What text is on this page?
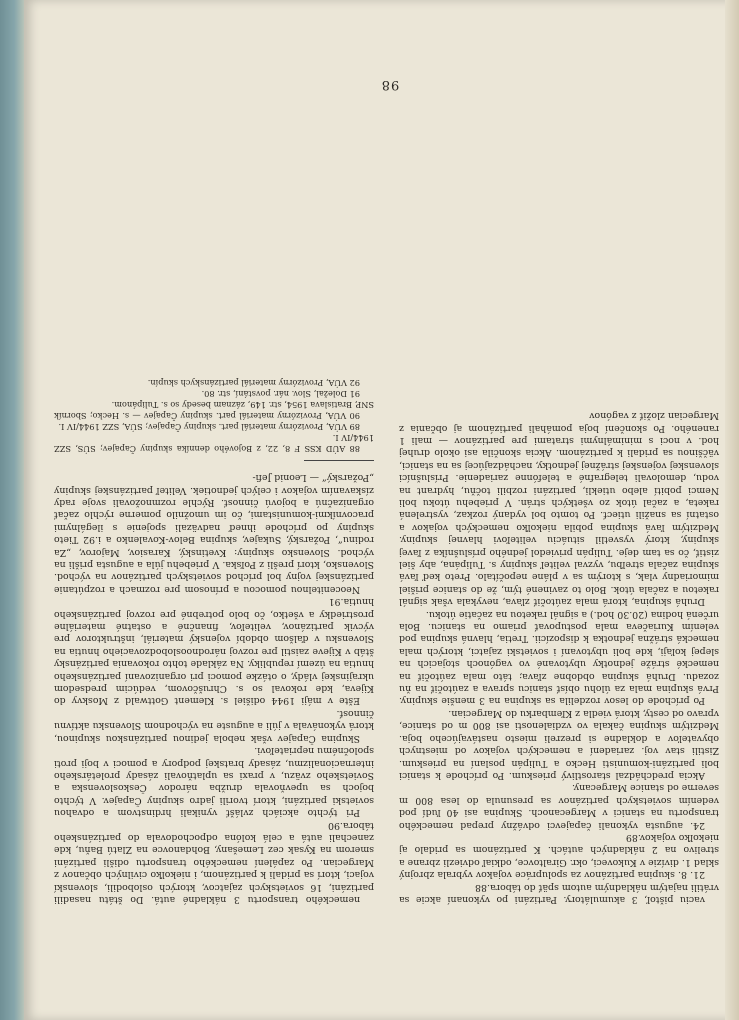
98

vaciu pištoľ, 3 akumulátory. Partizáni po vykonaní akcie sa vrátili najatým nákladným autom späť do tábora.88

21. 8. skupina partizánov za spolupráce vojakov vybrala zbrojný sklad 1. divízie v Kukoveci, okr. Giraltovce, odkiaľ odviezli zbrane a strelivo na 2 nákladných autách. K partizánom sa pridalo aj niekoľko vojakov.89

24. augusta vykonali čapajevci odvážny prepad nemeckého transportu na stanici v Margecanoch. Skupina asi 40 ľudí pod vedením sovietskych partizánov sa presunula do lesa 800 m severne od stanice Margecany.

Akcia predchádzal starostlivý prieskum. Po príchode k stanici boli partizáni-komunisti Hecko a Tulipán poslaní na prieskum. Zistili stav voj. zariadení a nemeckých vojakov od miestnych obyvateľov a dokladne si prezreli miesto nastávajúceho boja. Medzitým skupina čakala vo vzdialenosti asi 800 m od stanice, vpravo od cesty, ktorá viedla z Kľembarku do Margecian.

Po príchode do lesov rozdelila sa skupina na 3 menšie skupiny. Prvá skupina mala za úlohu obísť stanicu sprava a zaútočiť na ňu zozadu. Druhá skupina obdobne zľava; táto mala zaútočiť na nemecké stráže jednotky ubytované vo vagónoch stojacich na slepej koľaji, kde boli ubytovaní i sovietski zajatci, ktorých mala nemecká strážna jednotka k dispozícii. Tretia, hlavná skupina pod velením Kuriačeva mala postupovať priamo na stanicu. Bola určená hodina (20.30 hod.) a signál raketou na začatie útoku.

Druhá skupina, ktorá mala zaútočiť zľava, nevykala však signál raketou a začala útok. Bolo to zavinené tým, že do stanice prišiel mimoriadny vlak, s ktorým sa v pláne nepočítalo. Preto keď ľavá skupina začala streľbu, vyzval veliteľ skupiny s. Tulipána, aby šiel zistiť, čo sa tam deje. Tulipán priviedol jedného príslušníka z ľavej skupiny, ktorý vysvetlil situáciu veliteľovi hlavnej skupiny. Medzitým ľavá skupina pobila niekoľko nemeckých vojakov a ostatní sa snažili utiecť. Po tomto bol vydaný rozkaz, vystrelená raketa, a začal útok zo všetkých strán. V priebehu útoku boli Nemci pobití alebo utiekli, partizáni rozbili točňu, hydrant na vodu, demolovali telegrafné a telefónne zariadenie. Príslušníci slovenskej vojenskej strážnej jednotky, nachádzajúcej sa na stanici, väčšinou sa pridali k partizánom. Akcia skončila asi okolo druhej hod. v noci s minimálnymi stratami pre partizánov — mali 1 raneného. Po skončení boja pomáhali partizánom aj občania z Margecian zložiť z vagónov

nemeckého transportu 3 nákladné autá. Do štátu nasadili partizáni, 16 sovietskych zajatcov, ktorých oslobodili, slovenskí vojaci, ktorí sa pridali k partizánom, i niekoľko civilných občanov z Margecian. Po zapálení nemeckého transportu odišli partizáni smerom na Kysak cez Lemešany, Bohdanovce na Zlatú Baňu, kde zanechali autá a celá kolóna odpochodovala do partizánskeho tábora.90

Pri týchto akciách zvlášť vynikali hrdinstvom a odvahou sovietski partizáni, ktorí tvorili jadro skupiny Čapajev. V týchto bojoch sa upevňovala družba národov Československa a Sovietskeho zväzu, v praxi sa uplatňovali zásady proletárskeho internacionalizmu, zásady bratskej podpory a pomoci v boji proti spoločnému nepriateľovi.

Skupina Čapajev však nebola jedinou partizánskou skupinou, ktorá vykonávala v júli a auguste na východnom Slovensku aktívnu činnosť.

Ešte v máji 1944 odišiel s. Klement Gottwald z Moskvy do Kijeva, kde rokoval so s. Chruščovom, vedúcim predsedom ukrajinskej vlády, o otázke pomoci pri organizovaní partizánskeho hnutia na území republiky. Na základe tohto rokovania partizánsky štáb v Kijeve zaistil pre rozvoj národnooslobodzovacieho hnutia na Slovensku v ďalšom období vojenský materiál, inštruktorov pre výcvik partizánov, veliteľov, finančné a ostatné materiálne prostriedky a všetko, čo bolo potrebné pre rozvoj partizánskeho hnutia.91

Neocenitelnou pomocou a prínosom pre rozmach a rozpútanie partizánskej vojny bol príchod sovietskych partizánov na východ. Slovensko, ktorí prešli z Poľska. V priebehu júla a augusta prišli na východ. Slovensko skupiny: Kvetinský, Karasiov, Majorov, „Za rodinu“, Požarský, Sukajev, skupina Belov-Kovalenko a i.92 Tieto skupiny po príchode ihneď nadväzali spojenie s ilegálnymi pracovníkmi-komunistami, čo im umožnilo pomerne rýchlo začať organizačnú a bojovú činnosť. Rýchle rozmnožovali svoje rady získavaním vojakov i celých jednotiek. Veliteľ partizánskej skupiny „Požarský“ — Leonid Jefi-

88 AÚD KSS F 8, 22, z Bojového denníka skupiny Čapajev; SÚS, SZZ 1944/IV I.

89 VÚA, Provizórny materiál part. skupiny Čapajev; SÚA, SZZ 1944/IV I.

90 VÚA, Provizórny materiál part. skupiny Čapajev — s. Hecko; Sborník SNP, Bratislava 1954, str. 149, záznam besedy so s. Tulipánom.

91 Doležal, Slov. nár. povstání, str. 80.

92 VÚA, Provizórny materiál partizánskych skupín.
